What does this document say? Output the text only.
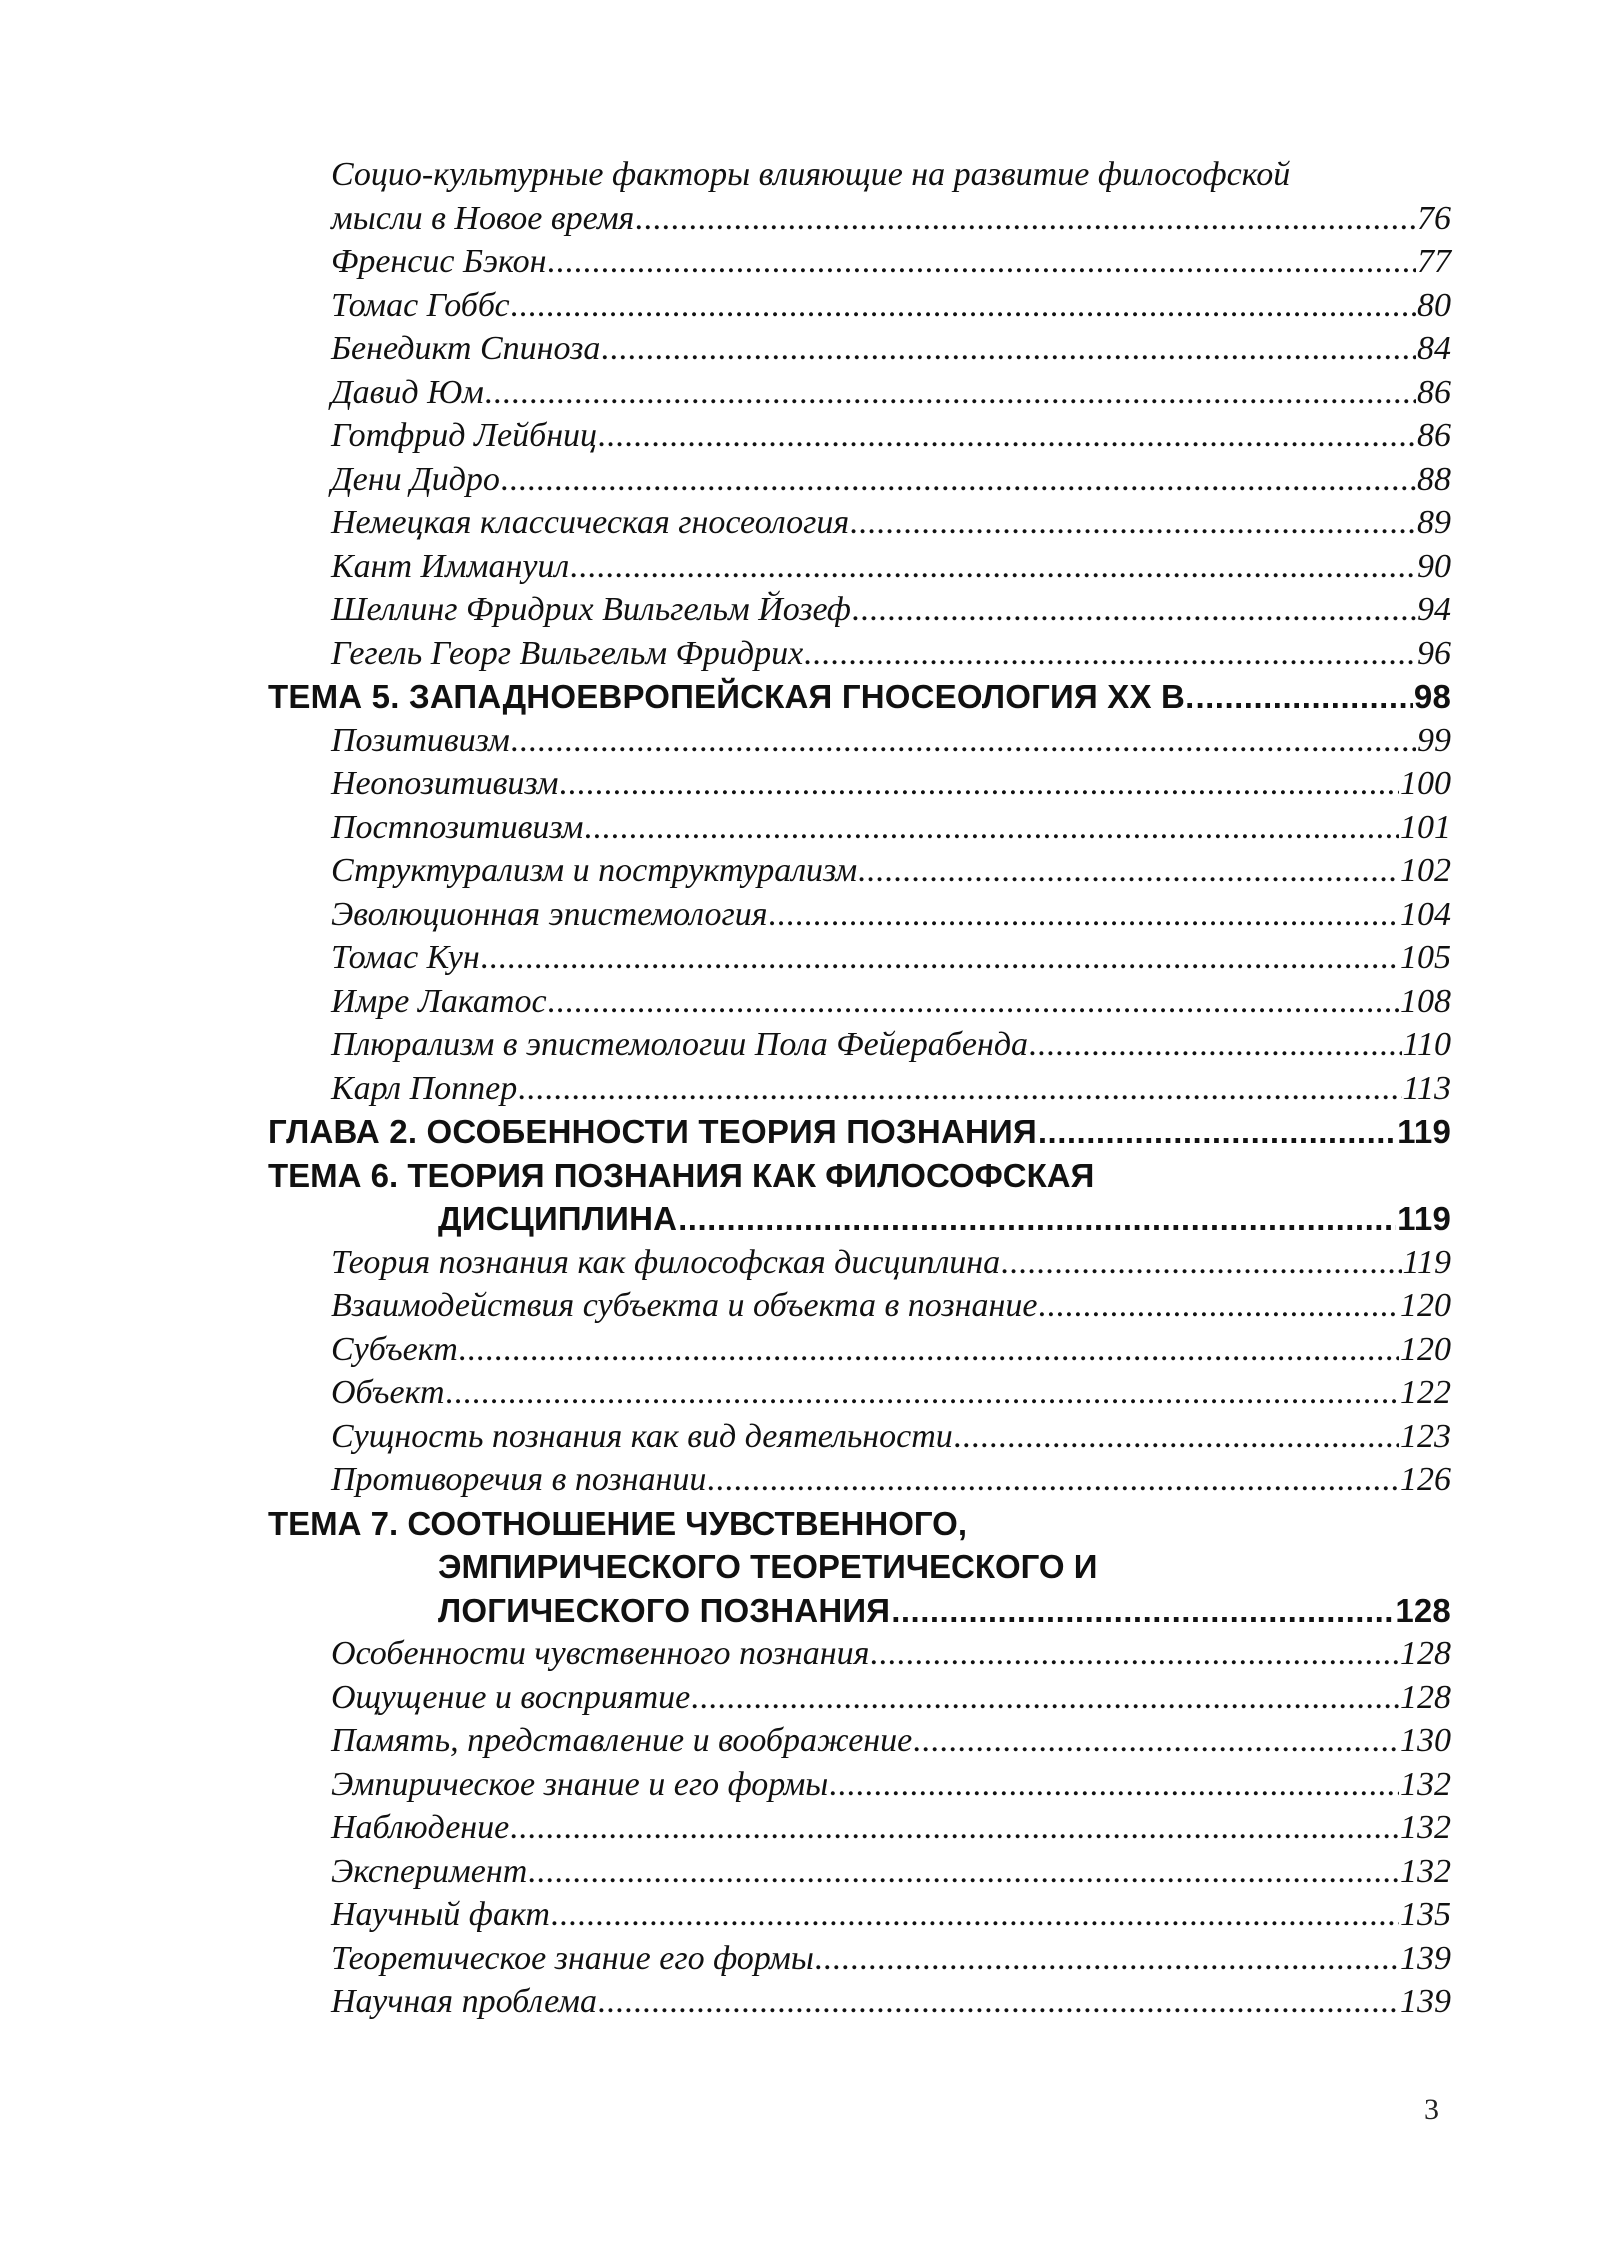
Социо-культурные факторы влияющие на развитие философской
мысли в Новое время .....	76
Френсис Бэкон .....	77
Томас Гоббс .....	80
Бенедикт Спиноза .....	84
Давид Юм .....	86
Готфрид Лейбниц .....	86
Дени Дидро .....	88
Немецкая классическая гносеология .....	89
Кант Иммануил .....	90
Шеллинг Фридрих Вильгельм Йозеф .....	94
Гегель Георг Вильгельм Фридрих .....	96
ТЕМА 5. ЗАПАДНОЕВРОПЕЙСКАЯ ГНОСЕОЛОГИЯ XX В. .....	98
Позитивизм .....	99
Неопозитивизм .....	100
Постпозитивизм .....	101
Структурализм и поструктурализм .....	102
Эволюционная эпистемология .....	104
Томас Кун .....	105
Имре Лакатос .....	108
Плюрализм в эпистемологии Пола Фейерабенда .....	110
Карл Поппер .....	113
ГЛАВА 2. ОСОБЕННОСТИ ТЕОРИЯ ПОЗНАНИЯ .....	119
ТЕМА 6. ТЕОРИЯ ПОЗНАНИЯ КАК ФИЛОСОФСКАЯ
ДИСЦИПЛИНА .....	119
Теория познания как философская дисциплина .....	119
Взаимодействия субъекта и объекта в познание .....	120
Субъект .....	120
Объект .....	122
Сущность познания как вид деятельности .....	123
Противоречия в познании .....	126
ТЕМА 7. СООТНОШЕНИЕ ЧУВСТВЕННОГО,
ЭМПИРИЧЕСКОГО ТЕОРЕТИЧЕСКОГО И
ЛОГИЧЕСКОГО ПОЗНАНИЯ .....	128
Особенности чувственного познания .....	128
Ощущение и восприятие .....	128
Память, представление и воображение .....	130
Эмпирическое знание и его формы .....	132
Наблюдение .....	132
Эксперимент .....	132
Научный факт .....	135
Теоретическое знание его формы .....	139
Научная проблема .....	139
3
